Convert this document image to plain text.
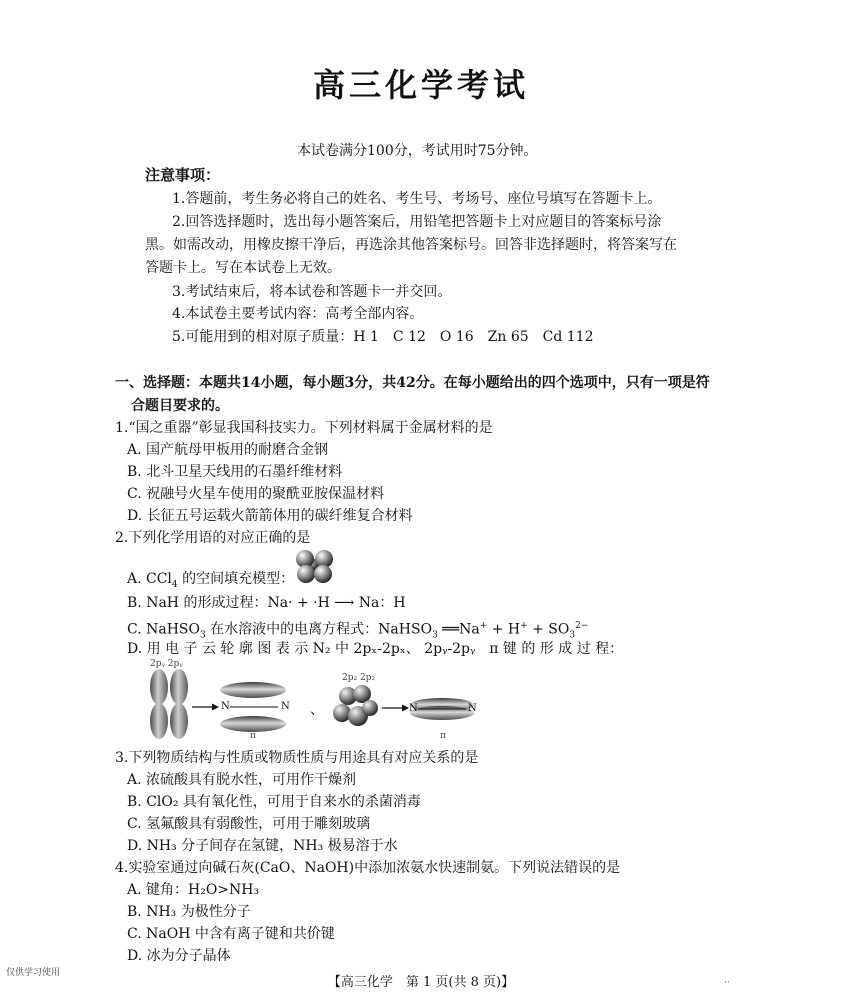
高三化学考试
本试卷满分100分，考试用时75分钟。
注意事项：
1.答题前，考生务必将自己的姓名、考生号、考场号、座位号填写在答题卡上。
2.回答选择题时，选出每小题答案后，用铅笔把答题卡上对应题目的答案标号涂
黑。如需改动，用橡皮擦干净后，再选涂其他答案标号。回答非选择题时，将答案写在
答题卡上。写在本试卷上无效。
3.考试结束后，将本试卷和答题卡一并交回。
4.本试卷主要考试内容：高考全部内容。
5.可能用到的相对原子质量：H 1　C 12　O 16　Zn 65　Cd 112
一、选择题：本题共14小题，每小题3分，共42分。在每小题给出的四个选项中，只有一项是符
合题目要求的。
1.“国之重器”彰显我国科技实力。下列材料属于金属材料的是
A. 国产航母甲板用的耐磨合金钢
B. 北斗卫星天线用的石墨纤维材料
C. 祝融号火星车使用的聚酰亚胺保温材料
D. 长征五号运载火箭箭体用的碳纤维复合材料
2.下列化学用语的对应正确的是
A. CCl$_4$ 的空间填充模型：
B. NaH 的形成过程：Na· + ·H ⟶ Na：H
C. NaHSO$_3$ 在水溶液中的电离方程式：NaHSO$_3$ ══Na+ + $H^+ + SO_3^{2-}$
D. 用 电 子 云 轮 廓 图 表 示 N₂ 中 2pₓ-2pₓ、 2pᵧ-2pᵧ　π 键 的 形 成 过 程：
2pᵧ 2pᵧ
2p₂ 2p₂
N	N	N	N
π	π
、
3.下列物质结构与性质或物质性质与用途具有对应关系的是
A. 浓硫酸具有脱水性，可用作干燥剂
B. ClO₂ 具有氧化性，可用于自来水的杀菌消毒
C. 氢氟酸具有弱酸性，可用于雕刻玻璃
D. NH₃ 分子间存在氢键，NH₃ 极易溶于水
4.实验室通过向碱石灰(CaO、NaOH)中添加浓氨水快速制氨。下列说法错误的是
A. 键角：H₂O>NH₃
B. NH₃ 为极性分子
C. NaOH 中含有离子键和共价键
D. 冰为分子晶体
仅供学习使用
【高三化学　第 1 页(共 8 页)】	··
